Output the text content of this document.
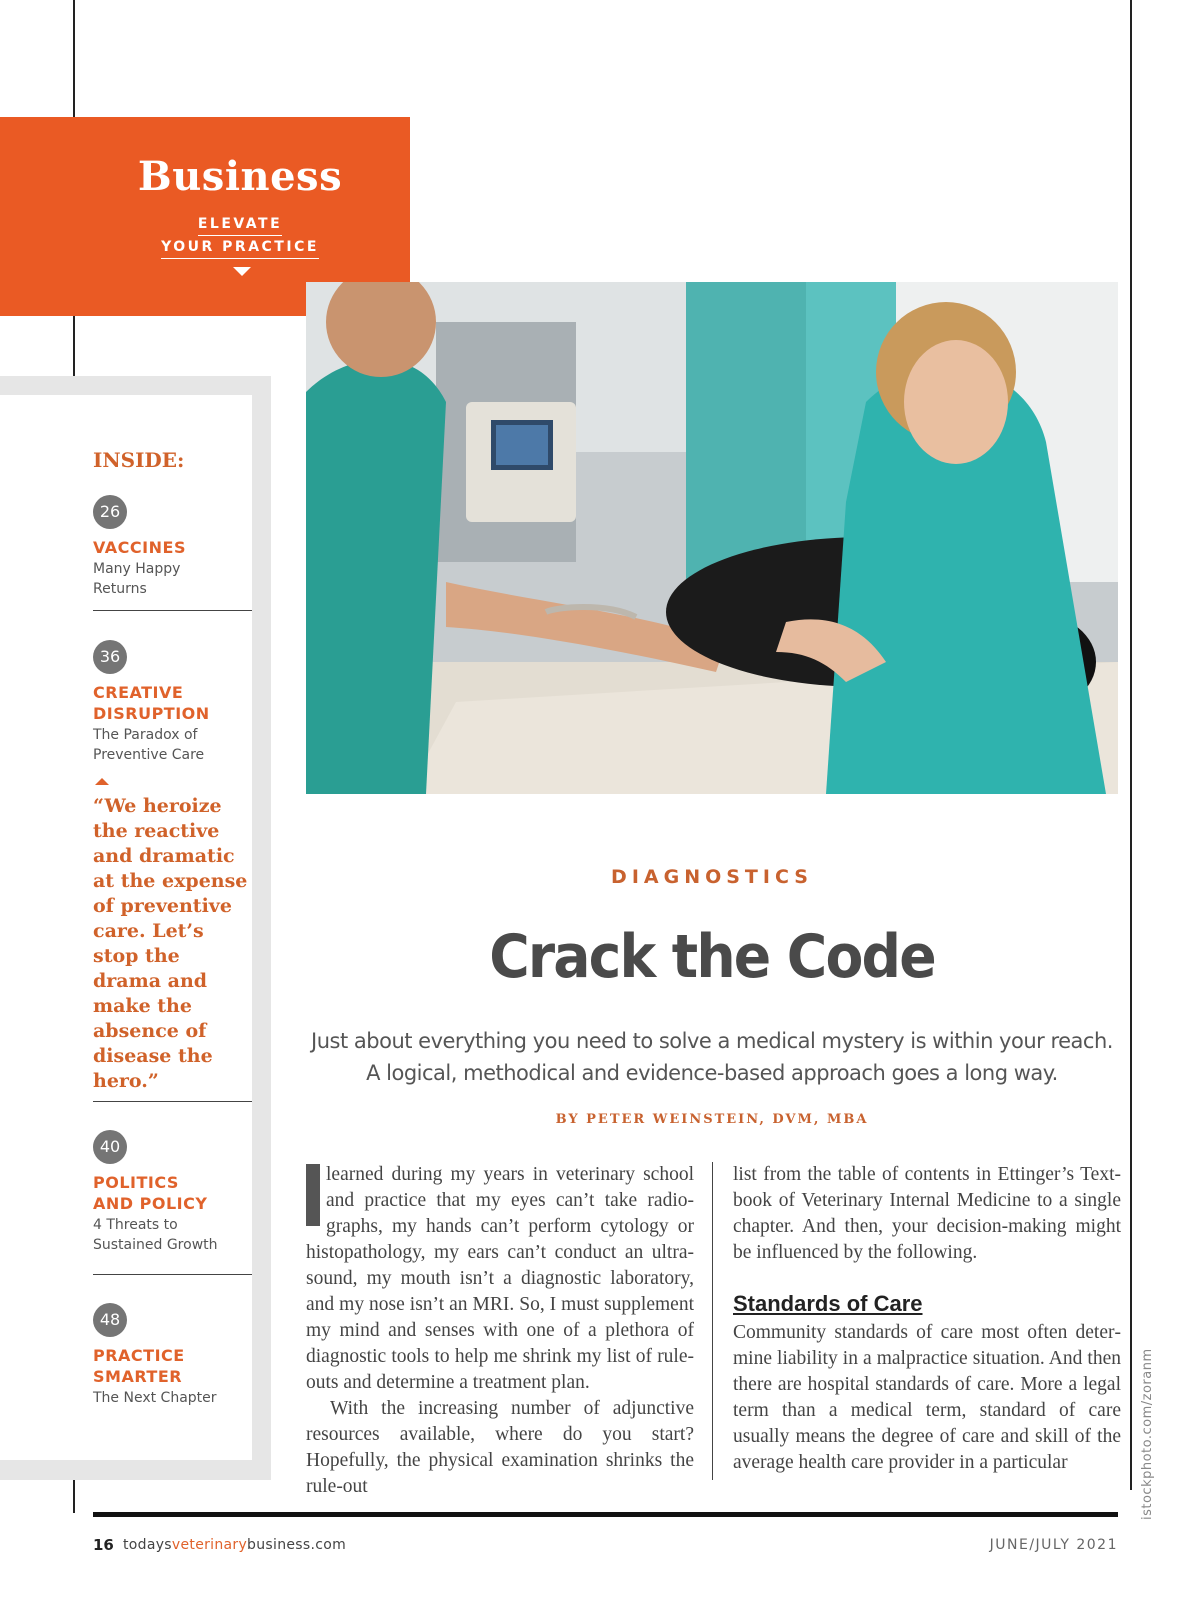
Business
ELEVATE
YOUR PRACTICE
INSIDE:
26
VACCINES
Many Happy
Returns
36
CREATIVE
DISRUPTION
The Paradox of
Preventive Care
“We heroize the reactive and dramatic at the expense of preventive care. Let’s stop the drama and make the absence of disease the hero.”
40
POLITICS
AND POLICY
4 Threats to
Sustained Growth
48
PRACTICE
SMARTER
The Next Chapter
DIAGNOSTICS
Crack the Code
Just about everything you need to solve a medical mystery is within your reach.
A logical, methodical and evidence-based approach goes a long way.
BY PETER WEINSTEIN, DVM, MBA

learned during my years in veterinary school and practice that my eyes can’t take radiographs, my hands can’t perform cytology or histopathology, my ears can’t conduct an ultrasound, my mouth isn’t a diagnostic laboratory, and my nose isn’t an MRI. So, I must supplement my mind and senses with one of a plethora of diagnostic tools to help me shrink my list of rule-outs and determine a treatment plan.

With the increasing number of adjunctive resources available, where do you start? Hopefully, the physical examination shrinks the rule-out

list from the table of contents in Ettinger’s Textbook of Veterinary Internal Medicine to a single chapter. And then, your decision-making might be influenced by the following.
Standards of Care

Community standards of care most often determine liability in a malpractice situation. And then there are hospital standards of care. More a legal term than a medical term, standard of care usually means the degree of care and skill of the average health care provider in a particular	istockphoto.com/zoranm
16 todaysveterinarybusiness.com	JUNE/JULY 2021
